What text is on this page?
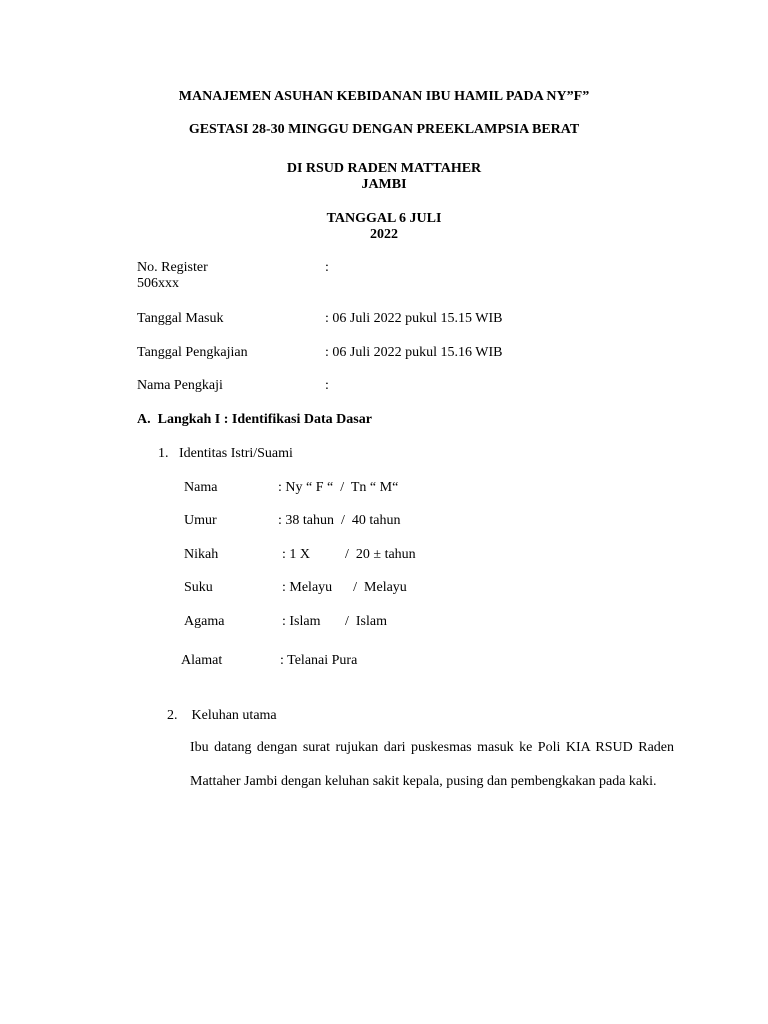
MANAJEMEN ASUHAN KEBIDANAN IBU HAMIL PADA NY”F”
GESTASI 28-30 MINGGU DENGAN PREEKLAMPSIA BERAT
DI RSUD RADEN MATTAHER
JAMBI
TANGGAL 6 JULI
2022
No. Register	:
506xxx
Tanggal Masuk	: 06 Juli 2022 pukul 15.15 WIB
Tanggal Pengkajian	: 06 Juli 2022 pukul 15.16 WIB
Nama Pengkaji	:
A.  Langkah I : Identifikasi Data Dasar
1.   Identitas Istri/Suami
Nama	: Ny “ F “  /  Tn “ M“
Umur	: 38 tahun  /  40 tahun
Nikah	: 1 X          /  20 ± tahun
Suku	: Melayu      /  Melayu
Agama	: Islam       /  Islam
Alamat	: Telanai Pura
2.    Keluhan utama
Ibu datang dengan surat rujukan dari puskesmas masuk ke Poli KIA RSUD Raden Mattaher Jambi dengan keluhan sakit kepala, pusing dan pembengkakan pada kaki.
